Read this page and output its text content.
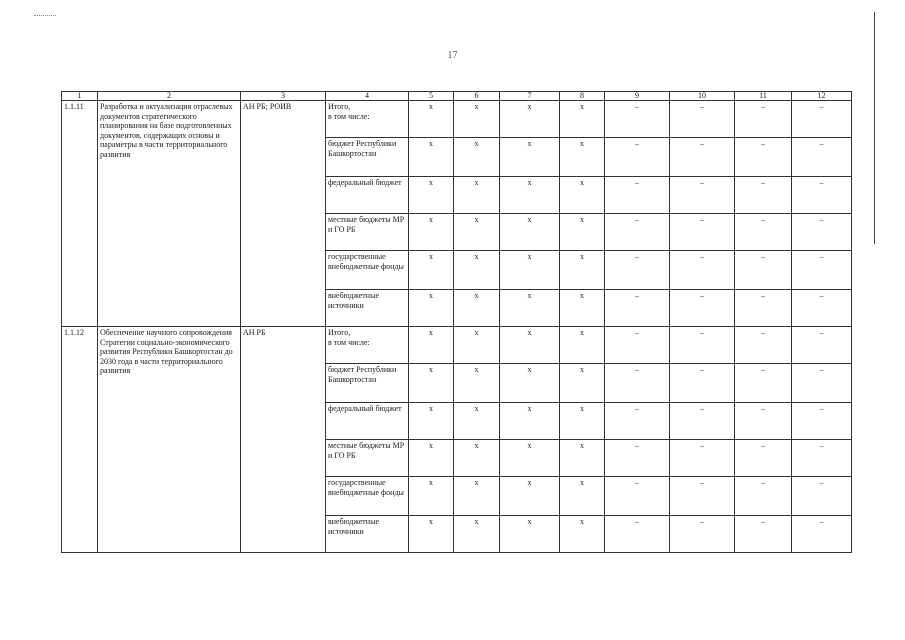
17
1	2	3	4	5	6	7	8	9	10	11	12
1.1.11	Разработка и актуализация отраслевых документов стратегического планирования на базе подготовленных документов, содержащих основы и параметры в части территориального развития	АН РБ; РОИВ	Итого,
в том числе:	x	x	x	x	–	–	–	–
			бюджет Республики Башкортостан	x	x	x	x	–	–	–	–
			федеральный бюджет	x	x	x	x	–	–	–	–
			местные бюджеты МР и ГО РБ	x	x	x	x	–	–	–	–
			государственные внебюджетные фонды	x	x	x	x	–	–	–	–
			внебюджетные источники	x	x	x	x	–	–	–	–
1.1.12	Обеспечение научного сопровождения Стратегии социально-экономического развития Республики Башкортостан до 2030 года в части территориального развития	АН РБ	Итого,
в том числе:	x	x	x	x	–	–	–	–
			бюджет Республики Башкортостан	x	x	x	x	–	–	–	–
			федеральный бюджет	x	x	x	x	–	–	–	–
			местные бюджеты МР и ГО РБ	x	x	x	x	–	–	–	–
			государственные внебюджетные фонды	x	x	x	x	–	–	–	–
			внебюджетные источники	x	x	x	x	–	–	–	–
